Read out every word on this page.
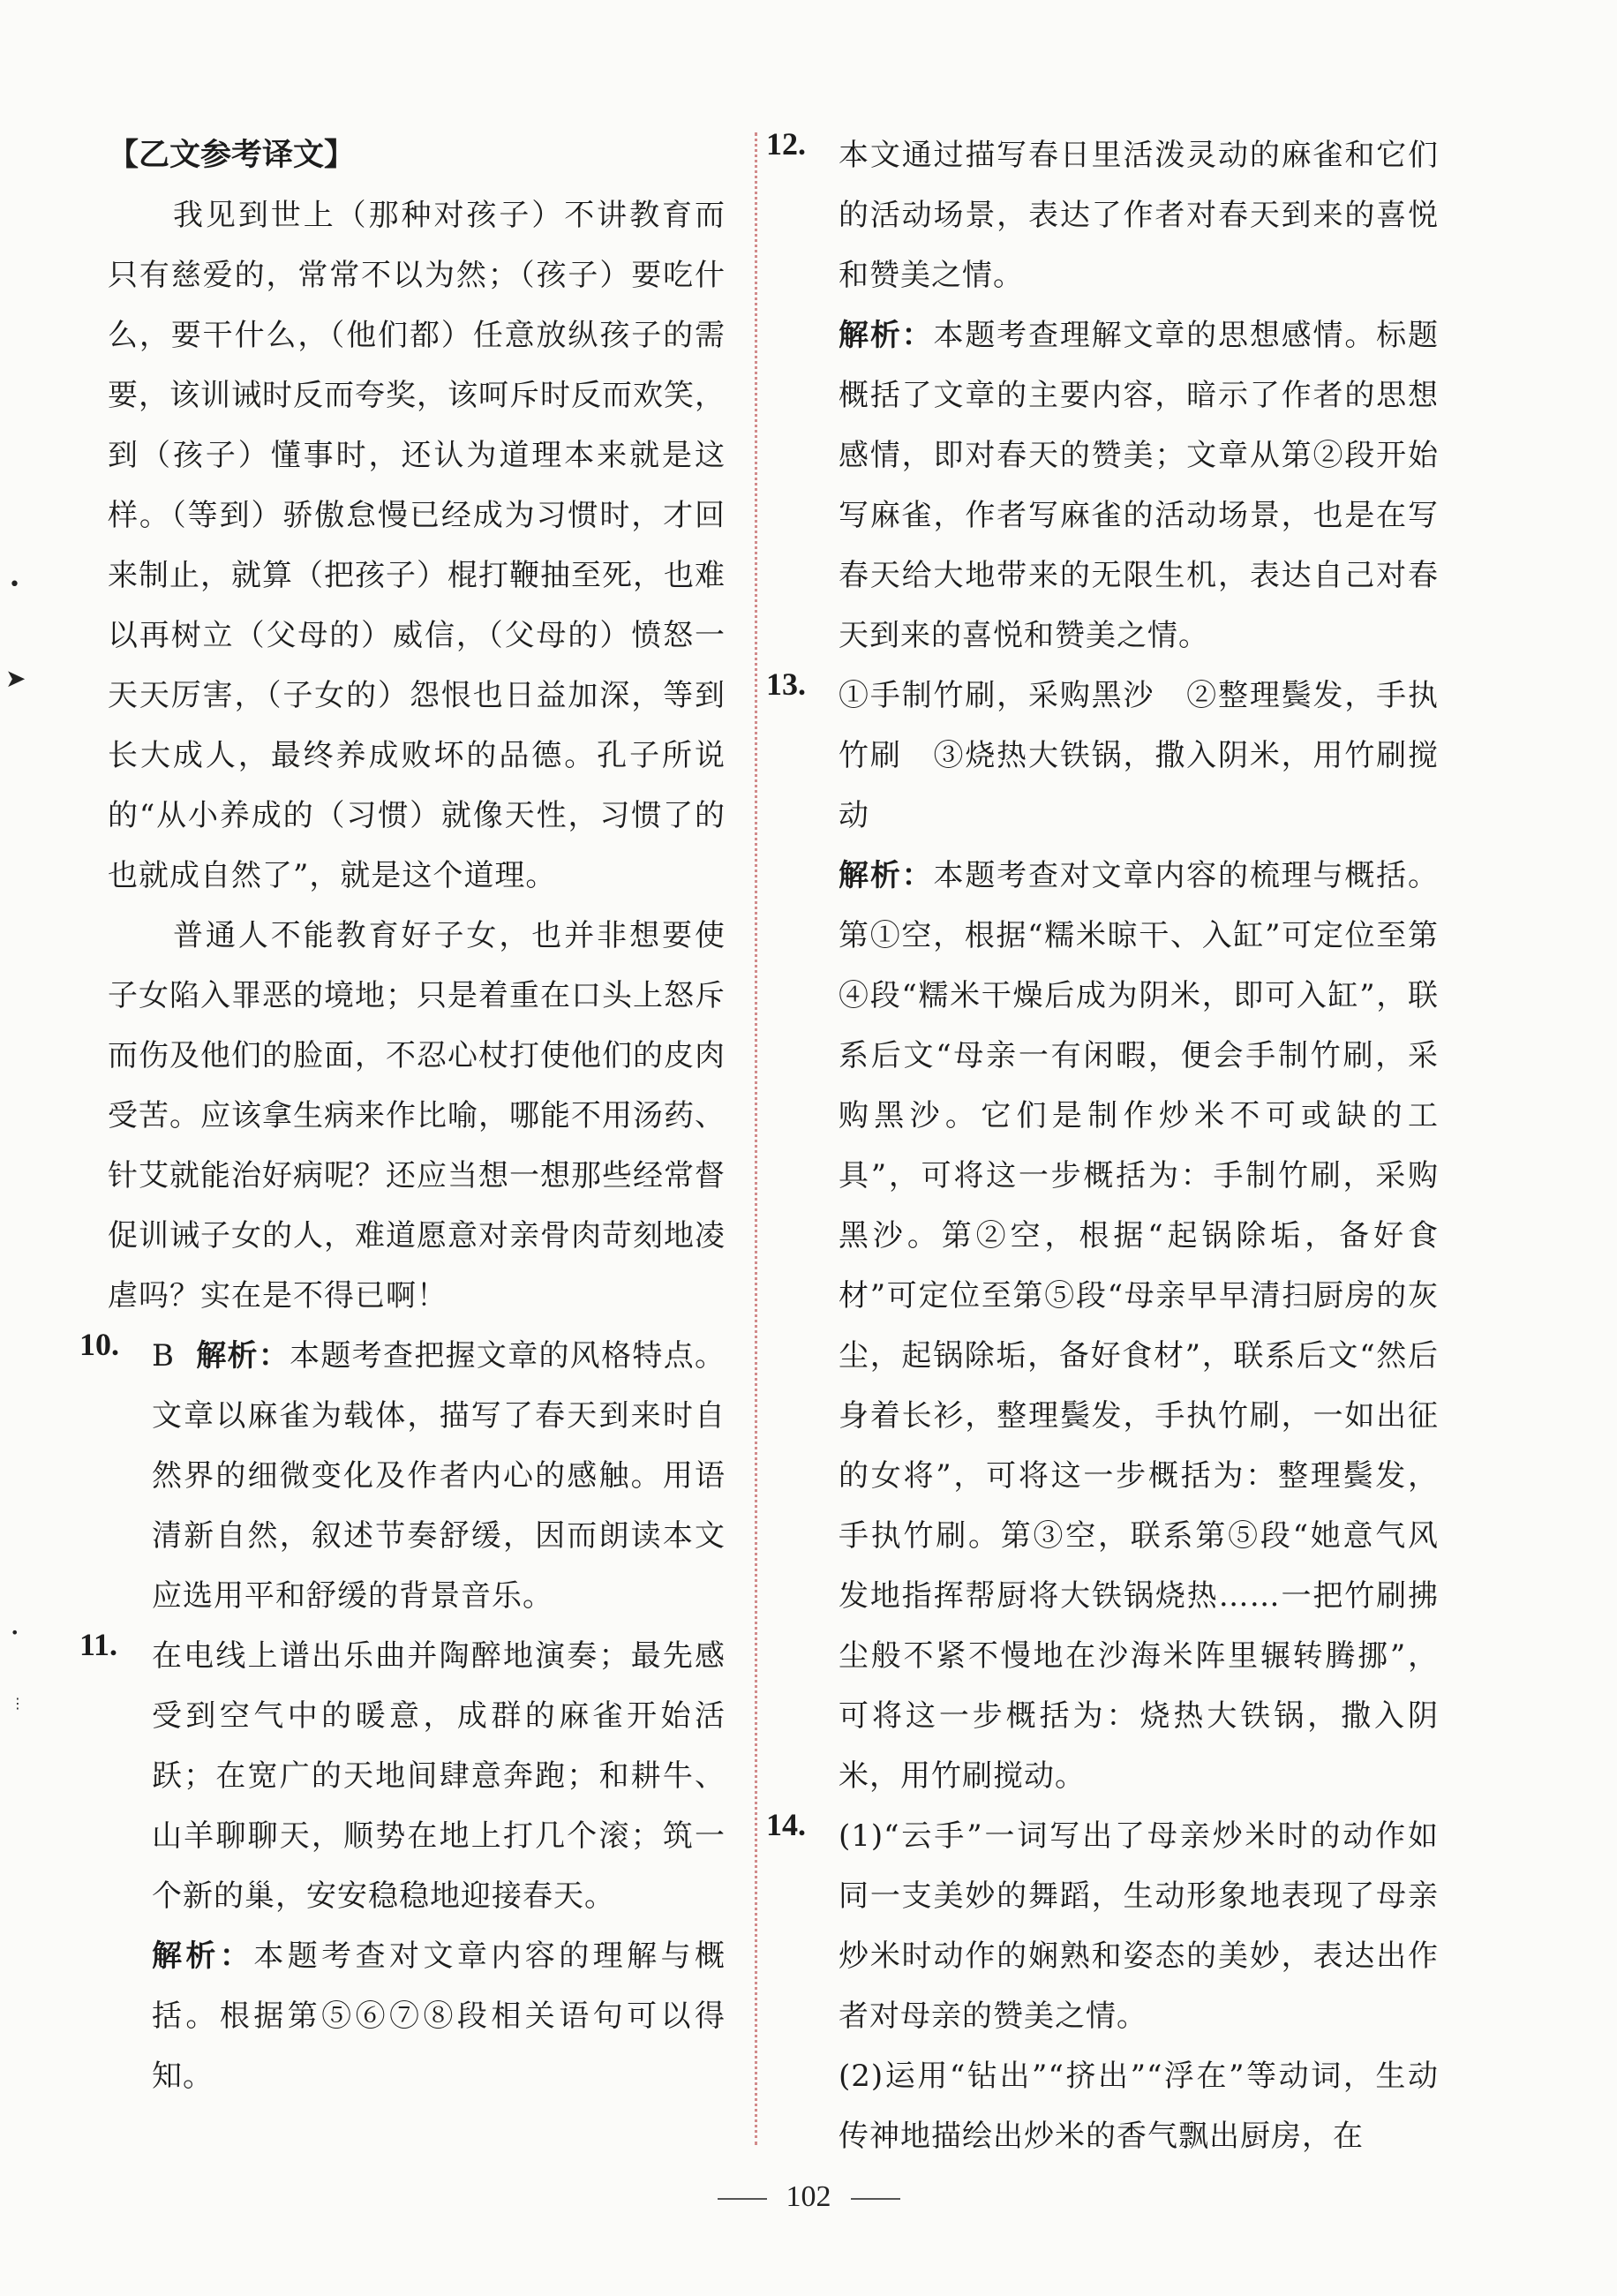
【乙文参考译文】

我见到世上（那种对孩子）不讲教育而只有慈爱的，常常不以为然；（孩子）要吃什么，要干什么，（他们都）任意放纵孩子的需要，该训诫时反而夸奖，该呵斥时反而欢笑，到（孩子）懂事时，还认为道理本来就是这样。（等到）骄傲怠慢已经成为习惯时，才回来制止，就算（把孩子）棍打鞭抽至死，也难以再树立（父母的）威信，（父母的）愤怒一天天厉害，（子女的）怨恨也日益加深，等到长大成人，最终养成败坏的品德。孔子所说的“从小养成的（习惯）就像天性，习惯了的也就成自然了”，就是这个道理。

普通人不能教育好子女，也并非想要使子女陷入罪恶的境地；只是着重在口头上怒斥而伤及他们的脸面，不忍心杖打使他们的皮肉受苦。应该拿生病来作比喻，哪能不用汤药、针艾就能治好病呢？还应当想一想那些经常督促训诫子女的人，难道愿意对亲骨肉苛刻地凌虐吗？实在是不得已啊！

10. B 解析：本题考查把握文章的风格特点。文章以麻雀为载体，描写了春天到来时自然界的细微变化及作者内心的感触。用语清新自然，叙述节奏舒缓，因而朗读本文应选用平和舒缓的背景音乐。

11. 在电线上谱出乐曲并陶醉地演奏；最先感受到空气中的暖意，成群的麻雀开始活跃；在宽广的天地间肆意奔跑；和耕牛、山羊聊聊天，顺势在地上打几个滚；筑一个新的巢，安安稳稳地迎接春天。

解析：本题考查对文章内容的理解与概括。根据第⑤⑥⑦⑧段相关语句可以得知。

12. 本文通过描写春日里活泼灵动的麻雀和它们的活动场景，表达了作者对春天到来的喜悦和赞美之情。

解析：本题考查理解文章的思想感情。标题概括了文章的主要内容，暗示了作者的思想感情，即对春天的赞美；文章从第②段开始写麻雀，作者写麻雀的活动场景，也是在写春天给大地带来的无限生机，表达自己对春天到来的喜悦和赞美之情。

13. ①手制竹刷，采购黑沙　②整理鬓发，手执竹刷　③烧热大铁锅，撒入阴米，用竹刷搅动

解析：本题考查对文章内容的梳理与概括。第①空，根据“糯米晾干、入缸”可定位至第④段“糯米干燥后成为阴米，即可入缸”，联系后文“母亲一有闲暇，便会手制竹刷，采购黑沙。它们是制作炒米不可或缺的工具”，可将这一步概括为：手制竹刷，采购黑沙。第②空，根据“起锅除垢，备好食材”可定位至第⑤段“母亲早早清扫厨房的灰尘，起锅除垢，备好食材”，联系后文“然后身着长衫，整理鬓发，手执竹刷，一如出征的女将”，可将这一步概括为：整理鬓发，手执竹刷。第③空，联系第⑤段“她意气风发地指挥帮厨将大铁锅烧热……一把竹刷拂尘般不紧不慢地在沙海米阵里辗转腾挪”，可将这一步概括为：烧热大铁锅，撒入阴米，用竹刷搅动。

14. (1)“云手”一词写出了母亲炒米时的动作如同一支美妙的舞蹈，生动形象地表现了母亲炒米时动作的娴熟和姿态的美妙，表达出作者对母亲的赞美之情。

(2)运用“钻出”“挤出”“浮在”等动词，生动传神地描绘出炒米的香气飘出厨房，在

102
•
➤
•
⋮
